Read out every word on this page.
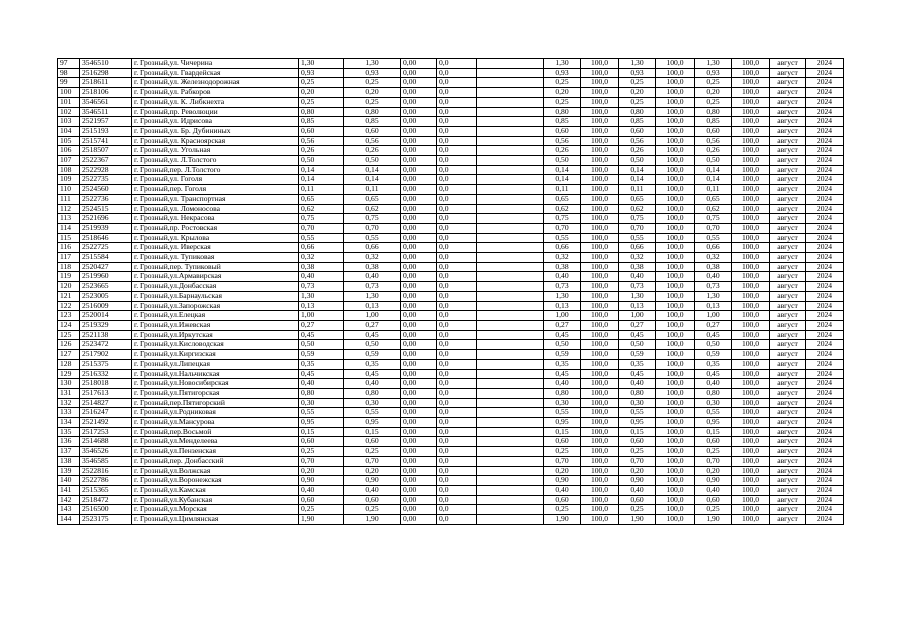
97	3546510	г. Грозный,ул. Чичерина	1,30	1,30	0,00	0,0		1,30	100,0	1,30	100,0	1,30	100,0	август	2024
98	2516298	г. Грозный,ул. Гвардейская	0,93	0,93	0,00	0,0		0,93	100,0	0,93	100,0	0,93	100,0	август	2024
99	2518611	г. Грозный,ул. Железнодорожная	0,25	0,25	0,00	0,0		0,25	100,0	0,25	100,0	0,25	100,0	август	2024
100	2518106	г. Грозный,ул. Рабкоров	0,20	0,20	0,00	0,0		0,20	100,0	0,20	100,0	0,20	100,0	август	2024
101	3546561	г. Грозный,ул. К. Либкнехта	0,25	0,25	0,00	0,0		0,25	100,0	0,25	100,0	0,25	100,0	август	2024
102	3546511	г. Грозный,пр. Революции	0,80	0,80	0,00	0,0		0,80	100,0	0,80	100,0	0,80	100,0	август	2024
103	2521957	г. Грозный,ул. Идрисова	0,85	0,85	0,00	0,0		0,85	100,0	0,85	100,0	0,85	100,0	август	2024
104	2515193	г. Грозный,ул. Бр. Дубининых	0,60	0,60	0,00	0,0		0,60	100,0	0,60	100,0	0,60	100,0	август	2024
105	2515741	г. Грозный,ул. Красноярская	0,56	0,56	0,00	0,0		0,56	100,0	0,56	100,0	0,56	100,0	август	2024
106	2518507	г. Грозный,ул. Угольная	0,26	0,26	0,00	0,0		0,26	100,0	0,26	100,0	0,26	100,0	август	2024
107	2522367	г. Грозный,ул. Л.Толстого	0,50	0,50	0,00	0,0		0,50	100,0	0,50	100,0	0,50	100,0	август	2024
108	2522928	г. Грозный,пер. Л.Толстого	0,14	0,14	0,00	0,0		0,14	100,0	0,14	100,0	0,14	100,0	август	2024
109	2522735	г. Грозный,ул. Гоголя	0,14	0,14	0,00	0,0		0,14	100,0	0,14	100,0	0,14	100,0	август	2024
110	2524560	г. Грозный,пер. Гоголя	0,11	0,11	0,00	0,0		0,11	100,0	0,11	100,0	0,11	100,0	август	2024
111	2522736	г. Грозный,ул. Транспортная	0,65	0,65	0,00	0,0		0,65	100,0	0,65	100,0	0,65	100,0	август	2024
112	2524515	г. Грозный,ул. Ломоносова	0,62	0,62	0,00	0,0		0,62	100,0	0,62	100,0	0,62	100,0	август	2024
113	2521696	г. Грозный,ул. Некрасова	0,75	0,75	0,00	0,0		0,75	100,0	0,75	100,0	0,75	100,0	август	2024
114	2519939	г. Грозный,пр. Ростовская	0,70	0,70	0,00	0,0		0,70	100,0	0,70	100,0	0,70	100,0	август	2024
115	2518646	г. Грозный,ул. Крылова	0,55	0,55	0,00	0,0		0,55	100,0	0,55	100,0	0,55	100,0	август	2024
116	2522725	г. Грозный,ул. Иверская	0,66	0,66	0,00	0,0		0,66	100,0	0,66	100,0	0,66	100,0	август	2024
117	2515584	г. Грозный,ул. Тупиковая	0,32	0,32	0,00	0,0		0,32	100,0	0,32	100,0	0,32	100,0	август	2024
118	2520427	г. Грозный,пер. Тупиковый	0,38	0,38	0,00	0,0		0,38	100,0	0,38	100,0	0,38	100,0	август	2024
119	2519960	г. Грозный,ул.Армавирская	0,40	0,40	0,00	0,0		0,40	100,0	0,40	100,0	0,40	100,0	август	2024
120	2523665	г. Грозный,ул.Донбасская	0,73	0,73	0,00	0,0		0,73	100,0	0,73	100,0	0,73	100,0	август	2024
121	2523005	г. Грозный,ул.Барнаульская	1,30	1,30	0,00	0,0		1,30	100,0	1,30	100,0	1,30	100,0	август	2024
122	2516009	г. Грозный,ул.Запорожская	0,13	0,13	0,00	0,0		0,13	100,0	0,13	100,0	0,13	100,0	август	2024
123	2520014	г. Грозный,ул.Елецкая	1,00	1,00	0,00	0,0		1,00	100,0	1,00	100,0	1,00	100,0	август	2024
124	2519329	г. Грозный,ул.Ижевская	0,27	0,27	0,00	0,0		0,27	100,0	0,27	100,0	0,27	100,0	август	2024
125	2521138	г. Грозный,ул.Иркутская	0,45	0,45	0,00	0,0		0,45	100,0	0,45	100,0	0,45	100,0	август	2024
126	2523472	г. Грозный,ул.Кисловодская	0,50	0,50	0,00	0,0		0,50	100,0	0,50	100,0	0,50	100,0	август	2024
127	2517902	г. Грозный,ул.Киргизская	0,59	0,59	0,00	0,0		0,59	100,0	0,59	100,0	0,59	100,0	август	2024
128	2515375	г. Грозный,ул.Липецкая	0,35	0,35	0,00	0,0		0,35	100,0	0,35	100,0	0,35	100,0	август	2024
129	2516332	г. Грозный,ул.Нальчикская	0,45	0,45	0,00	0,0		0,45	100,0	0,45	100,0	0,45	100,0	август	2024
130	2518018	г. Грозный,ул.Новосибирская	0,40	0,40	0,00	0,0		0,40	100,0	0,40	100,0	0,40	100,0	август	2024
131	2517613	г. Грозный,ул.Пятигорская	0,80	0,80	0,00	0,0		0,80	100,0	0,80	100,0	0,80	100,0	август	2024
132	2514827	г. Грозный,пер.Пятигорский	0,30	0,30	0,00	0,0		0,30	100,0	0,30	100,0	0,30	100,0	август	2024
133	2516247	г. Грозный,ул.Родниковая	0,55	0,55	0,00	0,0		0,55	100,0	0,55	100,0	0,55	100,0	август	2024
134	2521492	г. Грозный,ул.Мансурова	0,95	0,95	0,00	0,0		0,95	100,0	0,95	100,0	0,95	100,0	август	2024
135	2517253	г. Грозный,пер.Восьмой	0,15	0,15	0,00	0,0		0,15	100,0	0,15	100,0	0,15	100,0	август	2024
136	2514688	г. Грозный,ул.Менделеева	0,60	0,60	0,00	0,0		0,60	100,0	0,60	100,0	0,60	100,0	август	2024
137	3546526	г. Грозный,ул.Пензенская	0,25	0,25	0,00	0,0		0,25	100,0	0,25	100,0	0,25	100,0	август	2024
138	3546585	г. Грозный,пер. Донбасский	0,70	0,70	0,00	0,0		0,70	100,0	0,70	100,0	0,70	100,0	август	2024
139	2522816	г. Грозный,ул.Волжская	0,20	0,20	0,00	0,0		0,20	100,0	0,20	100,0	0,20	100,0	август	2024
140	2522786	г. Грозный,ул.Воронежская	0,90	0,90	0,00	0,0		0,90	100,0	0,90	100,0	0,90	100,0	август	2024
141	2515365	г. Грозный,ул.Камская	0,40	0,40	0,00	0,0		0,40	100,0	0,40	100,0	0,40	100,0	август	2024
142	2518472	г. Грозный,ул.Кубанская	0,60	0,60	0,00	0,0		0,60	100,0	0,60	100,0	0,60	100,0	август	2024
143	2516500	г. Грозный,ул.Морская	0,25	0,25	0,00	0,0		0,25	100,0	0,25	100,0	0,25	100,0	август	2024
144	2523175	г. Грозный,ул.Цимлянская	1,90	1,90	0,00	0,0		1,90	100,0	1,90	100,0	1,90	100,0	август	2024
